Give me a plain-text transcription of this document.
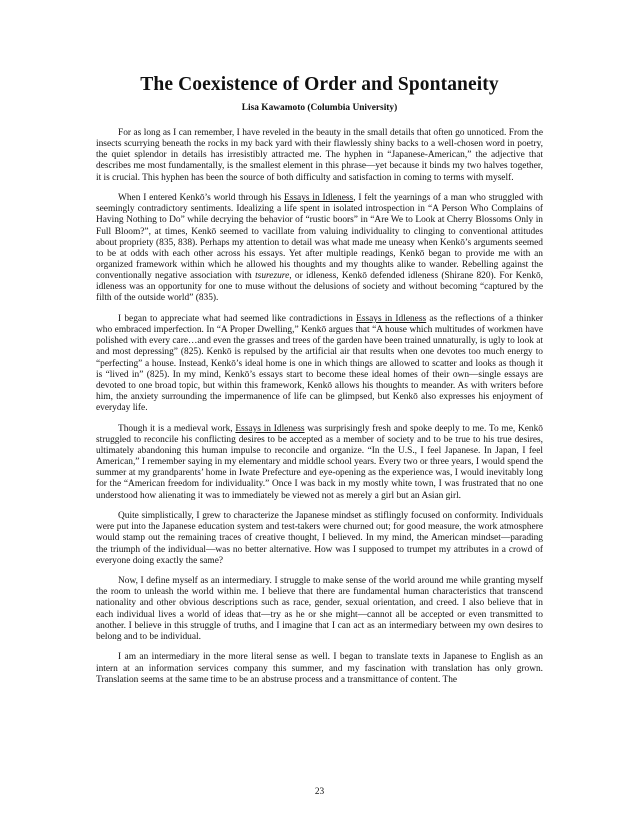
The Coexistence of Order and Spontaneity

Lisa Kawamoto (Columbia University)

For as long as I can remember, I have reveled in the beauty in the small details that often go unnoticed. From the insects scurrying beneath the rocks in my back yard with their flawlessly shiny backs to a well-chosen word in poetry, the quiet splendor in details has irresistibly attracted me. The hyphen in “Japanese-American,” the adjective that describes me most fundamentally, is the smallest element in this phrase—yet because it binds my two halves together, it is crucial. This hyphen has been the source of both difficulty and satisfaction in coming to terms with myself.

When I entered Kenkō’s world through his Essays in Idleness, I felt the yearnings of a man who struggled with seemingly contradictory sentiments. Idealizing a life spent in isolated introspection in “A Person Who Complains of Having Nothing to Do” while decrying the behavior of “rustic boors” in “Are We to Look at Cherry Blossoms Only in Full Bloom?”, at times, Kenkō seemed to vacillate from valuing individuality to clinging to conventional attitudes about propriety (835, 838). Perhaps my attention to detail was what made me uneasy when Kenkō’s arguments seemed to be at odds with each other across his essays. Yet after multiple readings, Kenkō began to provide me with an organized framework within which he allowed his thoughts and my thoughts alike to wander. Rebelling against the conventionally negative association with tsurezure, or idleness, Kenkō defended idleness (Shirane 820). For Kenkō, idleness was an opportunity for one to muse without the delusions of society and without becoming “captured by the filth of the outside world” (835).

I began to appreciate what had seemed like contradictions in Essays in Idleness as the reflections of a thinker who embraced imperfection. In “A Proper Dwelling,” Kenkō argues that “A house which multitudes of workmen have polished with every care…and even the grasses and trees of the garden have been trained unnaturally, is ugly to look at and most depressing” (825). Kenkō is repulsed by the artificial air that results when one devotes too much energy to “perfecting” a house. Instead, Kenkō’s ideal home is one in which things are allowed to scatter and looks as though it is “lived in” (825). In my mind, Kenkō’s essays start to become these ideal homes of their own—single essays are devoted to one broad topic, but within this framework, Kenkō allows his thoughts to meander. As with writers before him, the anxiety surrounding the impermanence of life can be glimpsed, but Kenkō also expresses his enjoyment of everyday life.

Though it is a medieval work, Essays in Idleness was surprisingly fresh and spoke deeply to me. To me, Kenkō struggled to reconcile his conflicting desires to be accepted as a member of society and to be true to his true desires, ultimately abandoning this human impulse to reconcile and organize. “In the U.S., I feel Japanese. In Japan, I feel American,” I remember saying in my elementary and middle school years. Every two or three years, I would spend the summer at my grandparents’ home in Iwate Prefecture and eye-opening as the experience was, I would inevitably long for the “American freedom for individuality.” Once I was back in my mostly white town, I was frustrated that no one understood how alienating it was to immediately be viewed not as merely a girl but an Asian girl.

Quite simplistically, I grew to characterize the Japanese mindset as stiflingly focused on conformity. Individuals were put into the Japanese education system and test-takers were churned out; for good measure, the work atmosphere would stamp out the remaining traces of creative thought, I believed. In my mind, the American mindset—parading the triumph of the individual—was no better alternative. How was I supposed to trumpet my attributes in a crowd of everyone doing exactly the same?

Now, I define myself as an intermediary. I struggle to make sense of the world around me while granting myself the room to unleash the world within me. I believe that there are fundamental human characteristics that transcend nationality and other obvious descriptions such as race, gender, sexual orientation, and creed. I also believe that in each individual lives a world of ideas that—try as he or she might—cannot all be accepted or even transmitted to another. I believe in this struggle of truths, and I imagine that I can act as an intermediary between my own desires to belong and to be individual.

I am an intermediary in the more literal sense as well. I began to translate texts in Japanese to English as an intern at an information services company this summer, and my fascination with translation has only grown. Translation seems at the same time to be an abstruse process and a transmittance of content. The

23
